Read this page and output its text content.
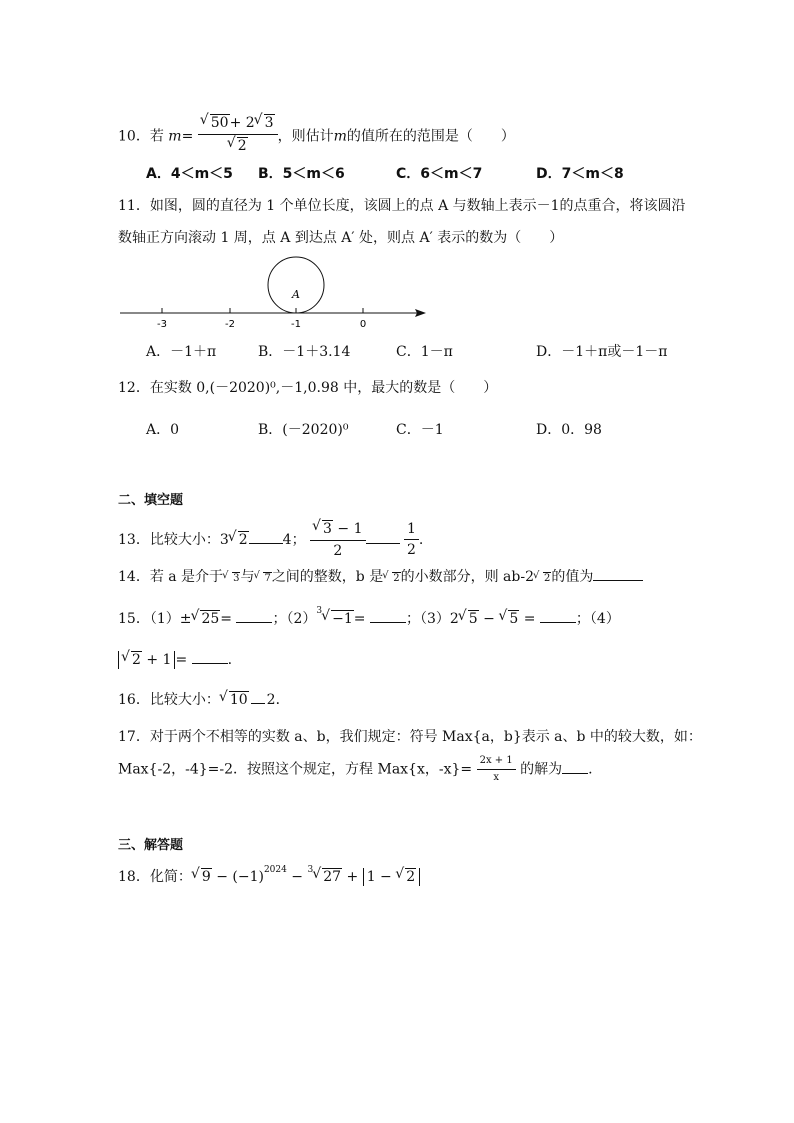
10．若 m=
√ 50+ 2√ 3
√ 2 ，则估计m的值所在的范围是（　　）
A．4＜m＜5 B．5＜m＜6	C．6＜m＜7	D．7＜m＜8
11．如图，圆的直径为 1 个单位长度，该圆上的点 A 与数轴上表示－1的点重合，将该圆沿
数轴正方向滚动 1 周，点 A 到达点 A′ 处，则点 A′ 表示的数为（　　）
A
-3	-2	-1	0
A．－1＋π	B．－1＋3.14	C．1－π	D．－1＋π或－1－π
12．在实数 0,(－2020)⁰,－1,0.98 中，最大的数是（　　）
A．0	B．(－2020)⁰	C．－1	D．0．98
二、填空题
13．比较大小：3√ 2	4；
√ $\frac{3 - 1}{2}$
	$\frac{1}{2}$ .
14．若 a 是介于√ 3与√ 7之间的整数，b 是√ 2的小数部分，则 ab-2√ 2的值为
15．（1）±√ 25=	；$(2)^3√ -1=$	；（3）2√ 5 − √ 5 =	；（4）
√ 2 + 1 =	.
16．比较大小：√ 10 2．
17．对于两个不相等的实数 a、b，我们规定：符号 Max{a，b}表示 a、b 中的较大数，如：
Max{-2，-4}=-2．按照这个规定，方程 Max{x，$-x\}= \frac{2x + 1}{x}$ 的解为 .
三、解答题
18．化简：√ $9 - (-1)^{2024} - ^3√$ 27 + 1 − √ 2
